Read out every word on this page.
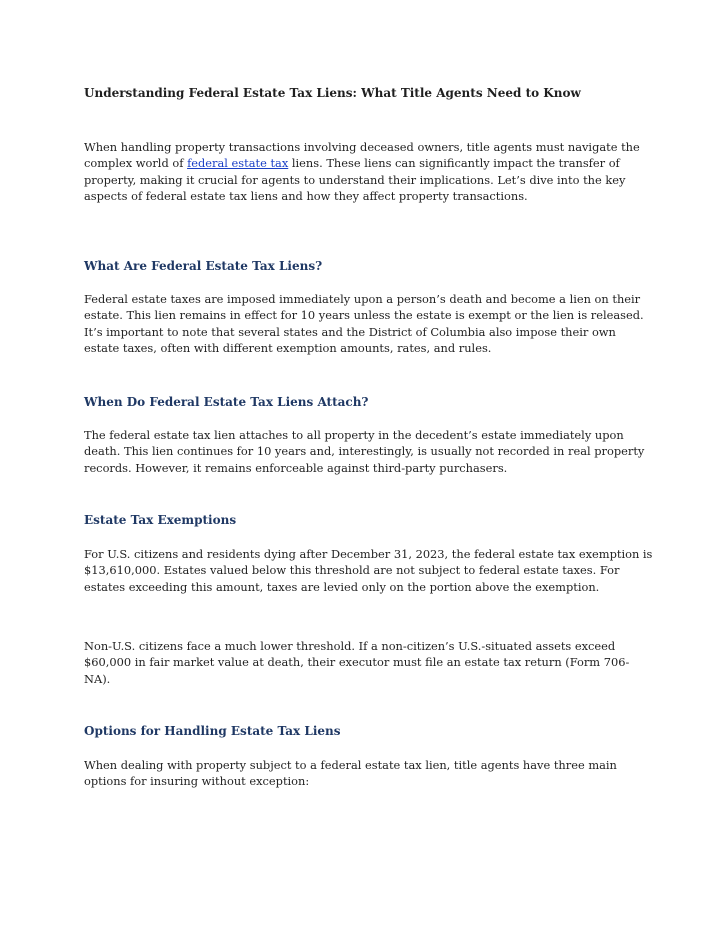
Understanding Federal Estate Tax Liens: What Title Agents Need to Know

When handling property transactions involving deceased owners, title agents must navigate the complex world of federal estate tax liens. These liens can significantly impact the transfer of property, making it crucial for agents to understand their implications. Let’s dive into the key aspects of federal estate tax liens and how they affect property transactions.

What Are Federal Estate Tax Liens?

Federal estate taxes are imposed immediately upon a person’s death and become a lien on their estate. This lien remains in effect for 10 years unless the estate is exempt or the lien is released. It’s important to note that several states and the District of Columbia also impose their own estate taxes, often with different exemption amounts, rates, and rules.

When Do Federal Estate Tax Liens Attach?

The federal estate tax lien attaches to all property in the decedent’s estate immediately upon death. This lien continues for 10 years and, interestingly, is usually not recorded in real property records. However, it remains enforceable against third-party purchasers.

Estate Tax Exemptions

For U.S. citizens and residents dying after December 31, 2023, the federal estate tax exemption is $13,610,000. Estates valued below this threshold are not subject to federal estate taxes. For estates exceeding this amount, taxes are levied only on the portion above the exemption.

Non-U.S. citizens face a much lower threshold. If a non-citizen’s U.S.-situated assets exceed $60,000 in fair market value at death, their executor must file an estate tax return (Form 706-NA).

Options for Handling Estate Tax Liens

When dealing with property subject to a federal estate tax lien, title agents have three main options for insuring without exception:
